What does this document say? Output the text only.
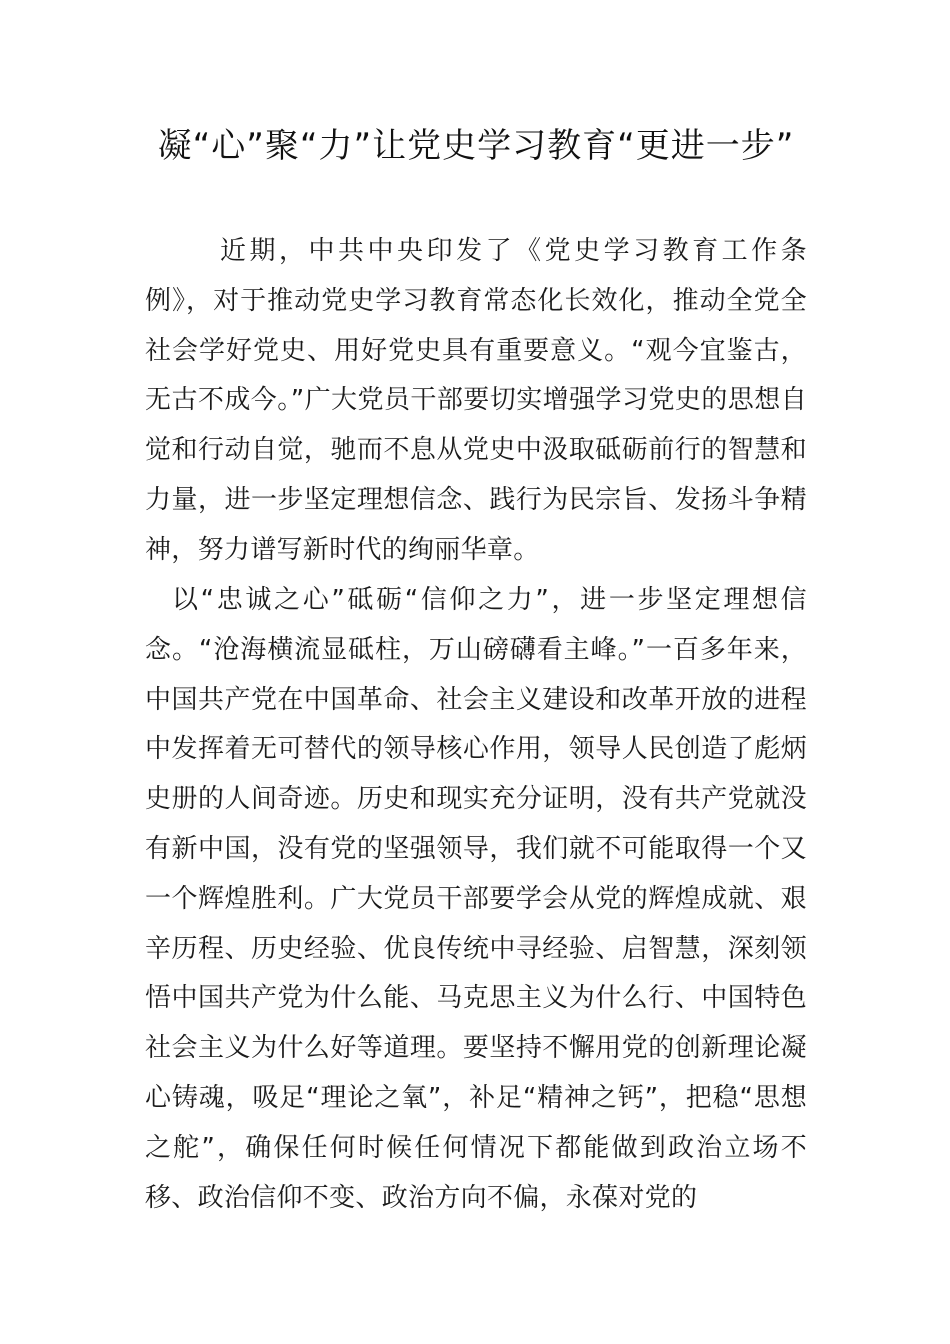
凝“心”聚“力”让党史学习教育“更进一步”

近期，中共中央印发了《党史学习教育工作条例》，对于推动党史学习教育常态化长效化，推动全党全社会学好党史、用好党史具有重要意义。“观今宜鉴古，无古不成今。”广大党员干部要切实增强学习党史的思想自觉和行动自觉，驰而不息从党史中汲取砥砺前行的智慧和力量，进一步坚定理想信念、践行为民宗旨、发扬斗争精神，努力谱写新时代的绚丽华章。

以“忠诚之心”砥砺“信仰之力”，进一步坚定理想信念。“沧海横流显砥柱，万山磅礴看主峰。”一百多年来，中国共产党在中国革命、社会主义建设和改革开放的进程中发挥着无可替代的领导核心作用，领导人民创造了彪炳史册的人间奇迹。历史和现实充分证明，没有共产党就没有新中国，没有党的坚强领导，我们就不可能取得一个又一个辉煌胜利。广大党员干部要学会从党的辉煌成就、艰辛历程、历史经验、优良传统中寻经验、启智慧，深刻领悟中国共产党为什么能、马克思主义为什么行、中国特色社会主义为什么好等道理。要坚持不懈用党的创新理论凝心铸魂，吸足“理论之氧”，补足“精神之钙”，把稳“思想之舵”，确保任何时候任何情况下都能做到政治立场不移、政治信仰不变、政治方向不偏，永葆对党的
